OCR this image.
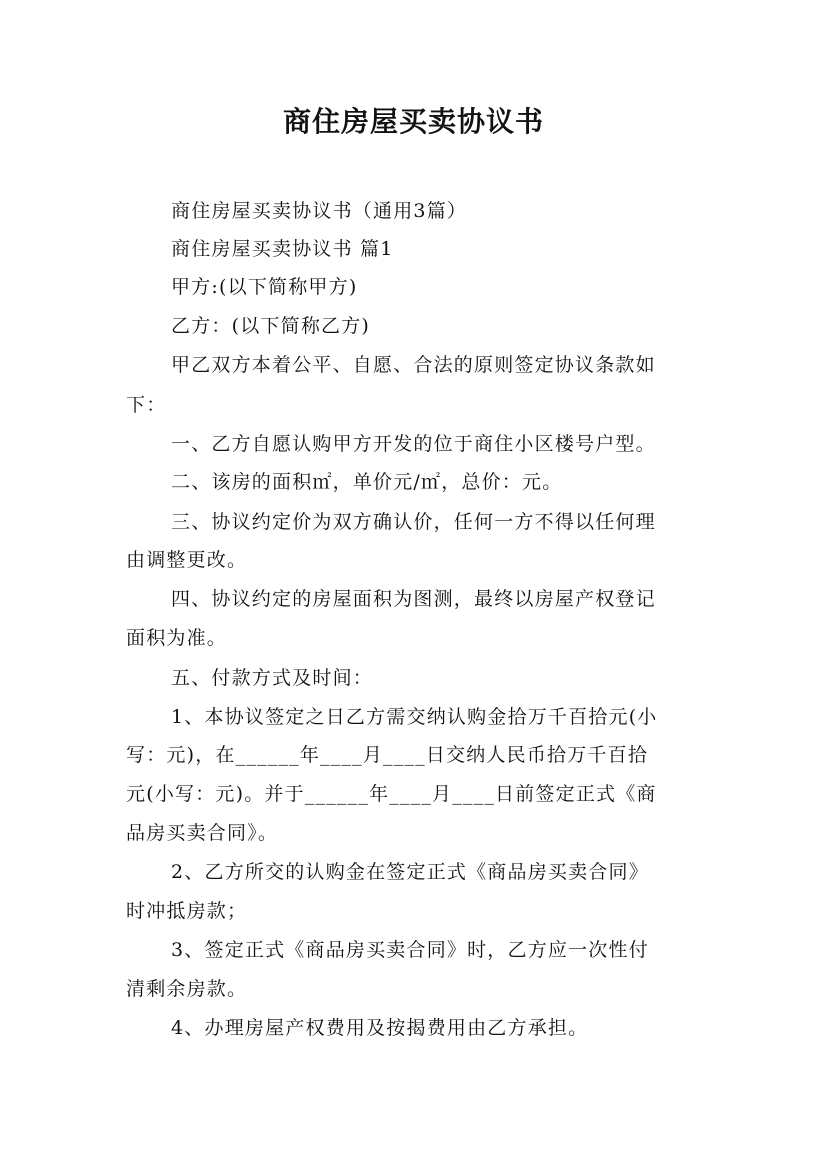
商住房屋买卖协议书
商住房屋买卖协议书（通用3篇）
商住房屋买卖协议书 篇1
甲方:(以下简称甲方)
乙方：(以下简称乙方)
甲乙双方本着公平、自愿、合法的原则签定协议条款如
下：
一、乙方自愿认购甲方开发的位于商住小区楼号户型。
二、该房的面积㎡，单价元/㎡，总价：元。
三、协议约定价为双方确认价，任何一方不得以任何理
由调整更改。
四、协议约定的房屋面积为图测，最终以房屋产权登记
面积为准。
五、付款方式及时间：
1、本协议签定之日乙方需交纳认购金拾万千百拾元(小
写：元)，在______年____月____日交纳人民币拾万千百拾
元(小写：元)。并于______年____月____日前签定正式《商
品房买卖合同》。
2、乙方所交的认购金在签定正式《商品房买卖合同》
时冲抵房款；
3、签定正式《商品房买卖合同》时，乙方应一次性付
清剩余房款。
4、办理房屋产权费用及按揭费用由乙方承担。
